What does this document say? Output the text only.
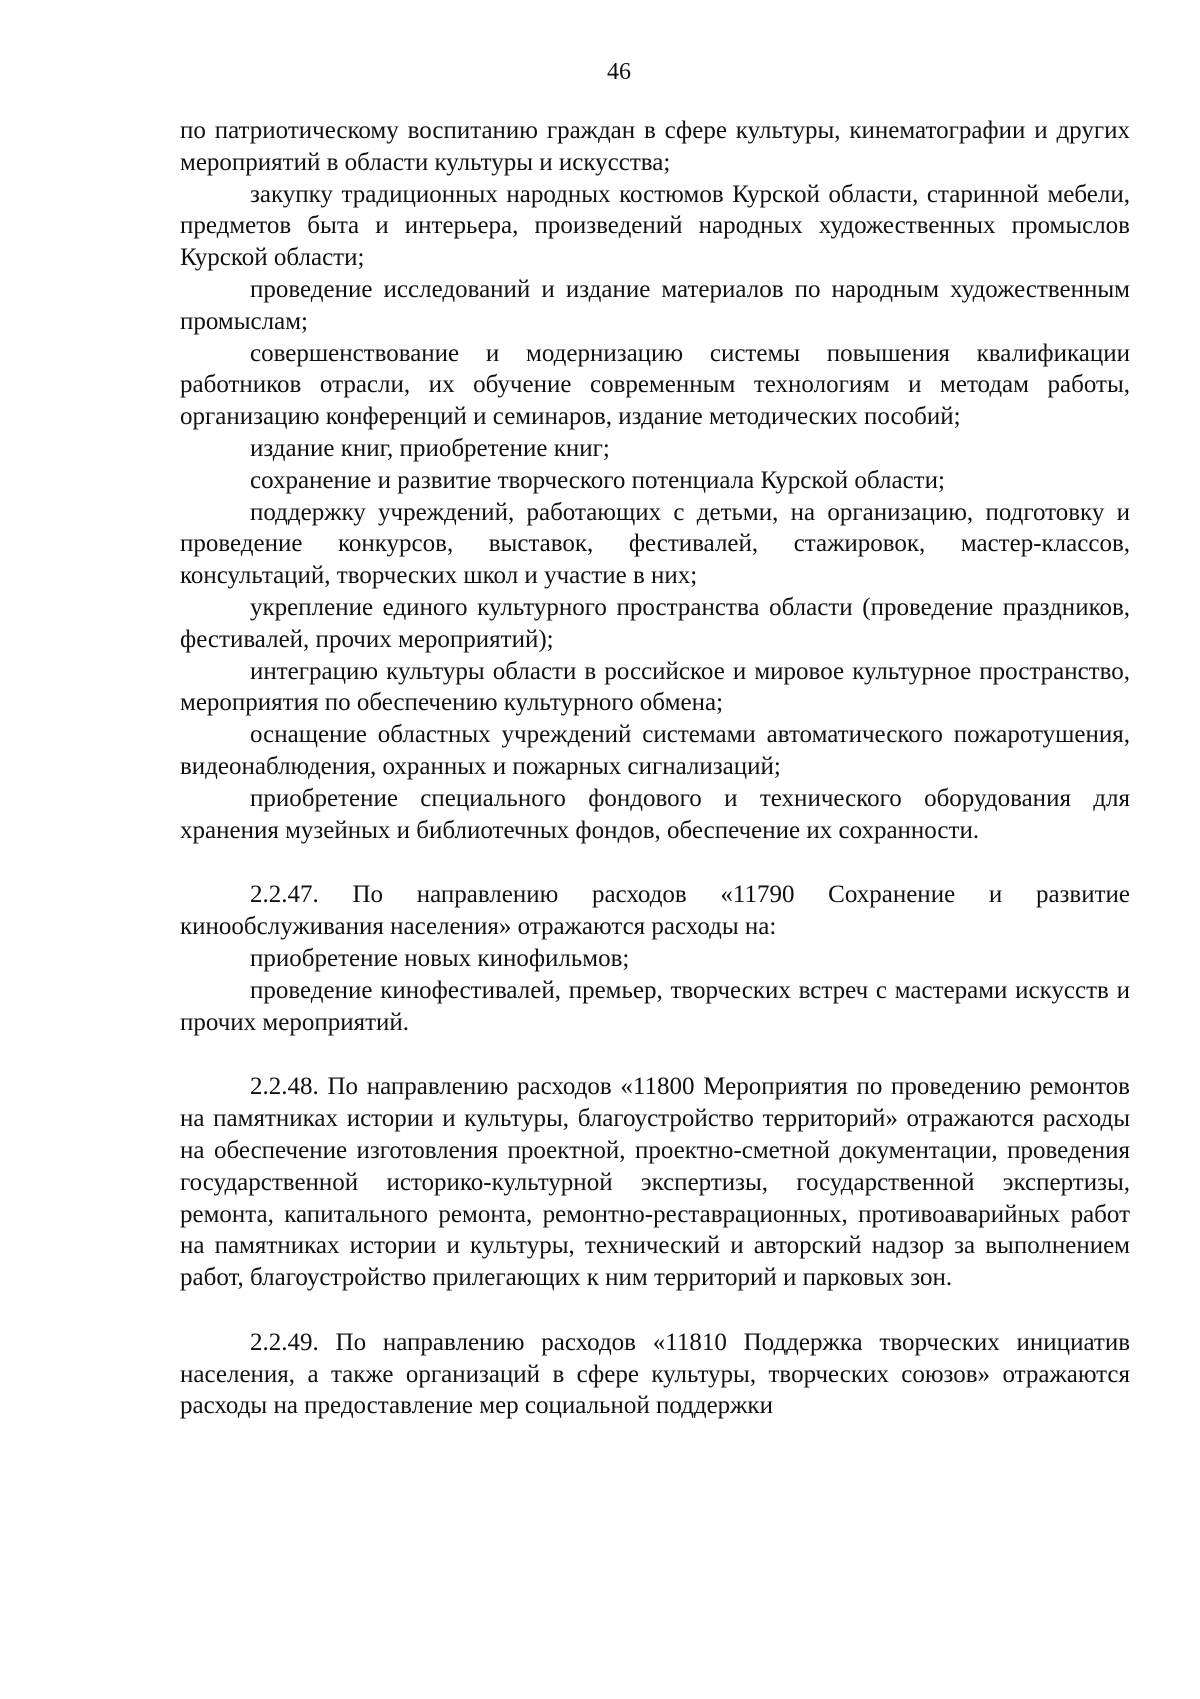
46

по патриотическому воспитанию граждан в сфере культуры, кинематографии и других мероприятий в области культуры и искусства;

закупку традиционных народных костюмов Курской области, старинной мебели, предметов быта и интерьера, произведений народных художественных промыслов Курской области;

проведение исследований и издание материалов по народным художественным промыслам;

совершенствование и модернизацию системы повышения квалификации работников отрасли, их обучение современным технологиям и методам работы, организацию конференций и семинаров, издание методических пособий;

издание книг, приобретение книг;

сохранение и развитие творческого потенциала Курской области;

поддержку учреждений, работающих с детьми, на организацию, подготовку и проведение конкурсов, выставок, фестивалей, стажировок, мастер-классов, консультаций, творческих школ и участие в них;

укрепление единого культурного пространства области (проведение праздников, фестивалей, прочих мероприятий);

интеграцию культуры области в российское и мировое культурное пространство, мероприятия по обеспечению культурного обмена;

оснащение областных учреждений системами автоматического пожаротушения, видеонаблюдения, охранных и пожарных сигнализаций;

приобретение специального фондового и технического оборудования для хранения музейных и библиотечных фондов, обеспечение их сохранности.

2.2.47. По направлению расходов «11790 Сохранение и развитие кинообслуживания населения» отражаются расходы на:

приобретение новых кинофильмов;

проведение кинофестивалей, премьер, творческих встреч с мастерами искусств и прочих мероприятий.

2.2.48. По направлению расходов «11800 Мероприятия по проведению ремонтов на памятниках истории и культуры, благоустройство территорий» отражаются расходы на обеспечение изготовления проектной, проектно-сметной документации, проведения государственной историко-культурной экспертизы, государственной экспертизы, ремонта, капитального ремонта, ремонтно-реставрационных, противоаварийных работ на памятниках истории и культуры, технический и авторский надзор за выполнением работ, благоустройство прилегающих к ним территорий и парковых зон.

2.2.49. По направлению расходов «11810 Поддержка творческих инициатив населения, а также организаций в сфере культуры, творческих союзов» отражаются расходы на предоставление мер социальной поддержки
